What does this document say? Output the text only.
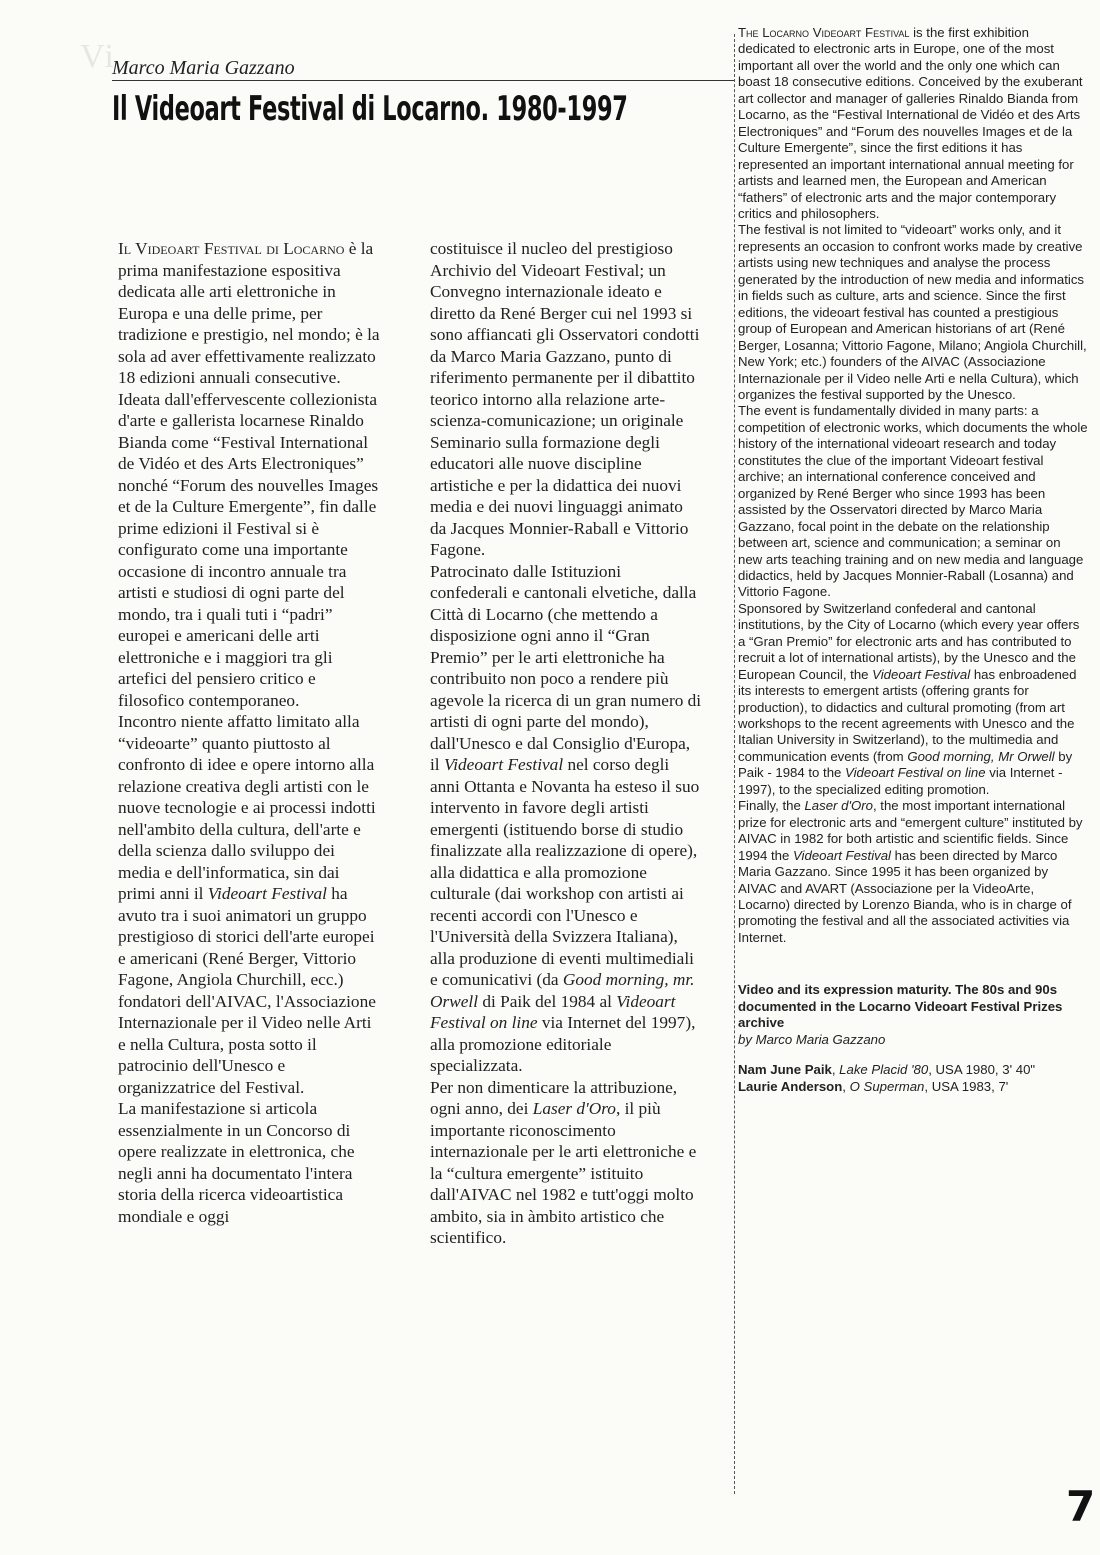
Vi
Marco Maria Gazzano
Il Videoart Festival di Locarno. 1980-1997

Il Videoart Festival di Locarno è la prima manifestazione espositiva dedicata alle arti elettroniche in Europa e una delle prime, per tradizione e prestigio, nel mondo; è la sola ad aver effettivamente realizzato 18 edizioni annuali consecutive.

Ideata dall'effervescente collezionista d'arte e gallerista locarnese Rinaldo Bianda come “Festival International de Vidéo et des Arts Electroniques” nonché “Forum des nouvelles Images et de la Culture Emergente”, fin dalle prime edizioni il Festival si è configurato come una importante occasione di incontro annuale tra artisti e studiosi di ogni parte del mondo, tra i quali tuti i “padri” europei e americani delle arti elettroniche e i maggiori tra gli artefici del pensiero critico e filosofico contemporaneo.

Incontro niente affatto limitato alla “videoarte” quanto piuttosto al confronto di idee e opere intorno alla relazione creativa degli artisti con le nuove tecnologie e ai processi indotti nell'ambito della cultura, dell'arte e della scienza dallo sviluppo dei media e dell'informatica, sin dai primi anni il Videoart Festival ha avuto tra i suoi animatori un gruppo prestigioso di storici dell'arte europei e americani (René Berger, Vittorio Fagone, Angiola Churchill, ecc.) fondatori dell'AIVAC, l'Associazione Internazionale per il Video nelle Arti e nella Cultura, posta sotto il patrocinio dell'Unesco e organizzatrice del Festival.

La manifestazione si articola essenzialmente in un Concorso di opere realizzate in elettronica, che negli anni ha documentato l'intera storia della ricerca videoartistica mondiale e oggi

costituisce il nucleo del prestigioso Archivio del Videoart Festival; un Convegno internazionale ideato e diretto da René Berger cui nel 1993 si sono affiancati gli Osservatori condotti da Marco Maria Gazzano, punto di riferimento permanente per il dibattito teorico intorno alla relazione arte-scienza-comunicazione; un originale Seminario sulla formazione degli educatori alle nuove discipline artistiche e per la didattica dei nuovi media e dei nuovi linguaggi animato da Jacques Monnier-Raball e Vittorio Fagone.

Patrocinato dalle Istituzioni confederali e cantonali elvetiche, dalla Città di Locarno (che mettendo a disposizione ogni anno il “Gran Premio” per le arti elettroniche ha contribuito non poco a rendere più agevole la ricerca di un gran numero di artisti di ogni parte del mondo), dall'Unesco e dal Consiglio d'Europa, il Videoart Festival nel corso degli anni Ottanta e Novanta ha esteso il suo intervento in favore degli artisti emergenti (istituendo borse di studio finalizzate alla realizzazione di opere), alla didattica e alla promozione culturale (dai workshop con artisti ai recenti accordi con l'Unesco e l'Università della Svizzera Italiana), alla produzione di eventi multimediali e comunicativi (da Good morning, mr. Orwell di Paik del 1984 al Videoart Festival on line via Internet del 1997), alla promozione editoriale specializzata.

Per non dimenticare la attribuzione, ogni anno, dei Laser d'Oro, il più importante riconoscimento internazionale per le arti elettroniche e la “cultura emergente” istituito dall'AIVAC nel 1982 e tutt'oggi molto ambito, sia in àmbito artistico che scientifico.

The Locarno Videoart Festival is the first exhibition dedicated to electronic arts in Europe, one of the most important all over the world and the only one which can boast 18 consecutive editions. Conceived by the exuberant art collector and manager of galleries Rinaldo Bianda from Locarno, as the “Festival International de Vidéo et des Arts Electroniques” and “Forum des nouvelles Images et de la Culture Emergente”, since the first editions it has represented an important international annual meeting for artists and learned men, the European and American “fathers” of electronic arts and the major contemporary critics and philosophers.

The festival is not limited to “videoart” works only, and it represents an occasion to confront works made by creative artists using new techniques and analyse the process generated by the introduction of new media and informatics in fields such as culture, arts and science. Since the first editions, the videoart festival has counted a prestigious group of European and American historians of art (René Berger, Losanna; Vittorio Fagone, Milano; Angiola Churchill, New York; etc.) founders of the AIVAC (Associazione Internazionale per il Video nelle Arti e nella Cultura), which organizes the festival supported by the Unesco.

The event is fundamentally divided in many parts: a competition of electronic works, which documents the whole history of the international videoart research and today constitutes the clue of the important Videoart festival archive; an international conference conceived and organized by René Berger who since 1993 has been assisted by the Osservatori directed by Marco Maria Gazzano, focal point in the debate on the relationship between art, science and communication; a seminar on new arts teaching training and on new media and language didactics, held by Jacques Monnier-Raball (Losanna) and Vittorio Fagone.

Sponsored by Switzerland confederal and cantonal institutions, by the City of Locarno (which every year offers a “Gran Premio” for electronic arts and has contributed to recruit a lot of international artists), by the Unesco and the European Council, the Videoart Festival has enbroadened its interests to emergent artists (offering grants for production), to didactics and cultural promoting (from art workshops to the recent agreements with Unesco and the Italian University in Switzerland), to the multimedia and communication events (from Good morning, Mr Orwell by Paik - 1984 to the Videoart Festival on line via Internet - 1997), to the specialized editing promotion.

Finally, the Laser d'Oro, the most important international prize for electronic arts and “emergent culture” instituted by AIVAC in 1982 for both artistic and scientific fields. Since 1994 the Videoart Festival has been directed by Marco Maria Gazzano. Since 1995 it has been organized by AIVAC and AVART (Associazione per la VideoArte, Locarno) directed by Lorenzo Bianda, who is in charge of promoting the festival and all the associated activities via Internet.

Video and its expression maturity. The 80s and 90s documented in the Locarno Videoart Festival Prizes archive
by Marco Maria Gazzano
Nam June Paik, Lake Placid '80, USA 1980, 3' 40"
Laurie Anderson, O Superman, USA 1983, 7'
7
